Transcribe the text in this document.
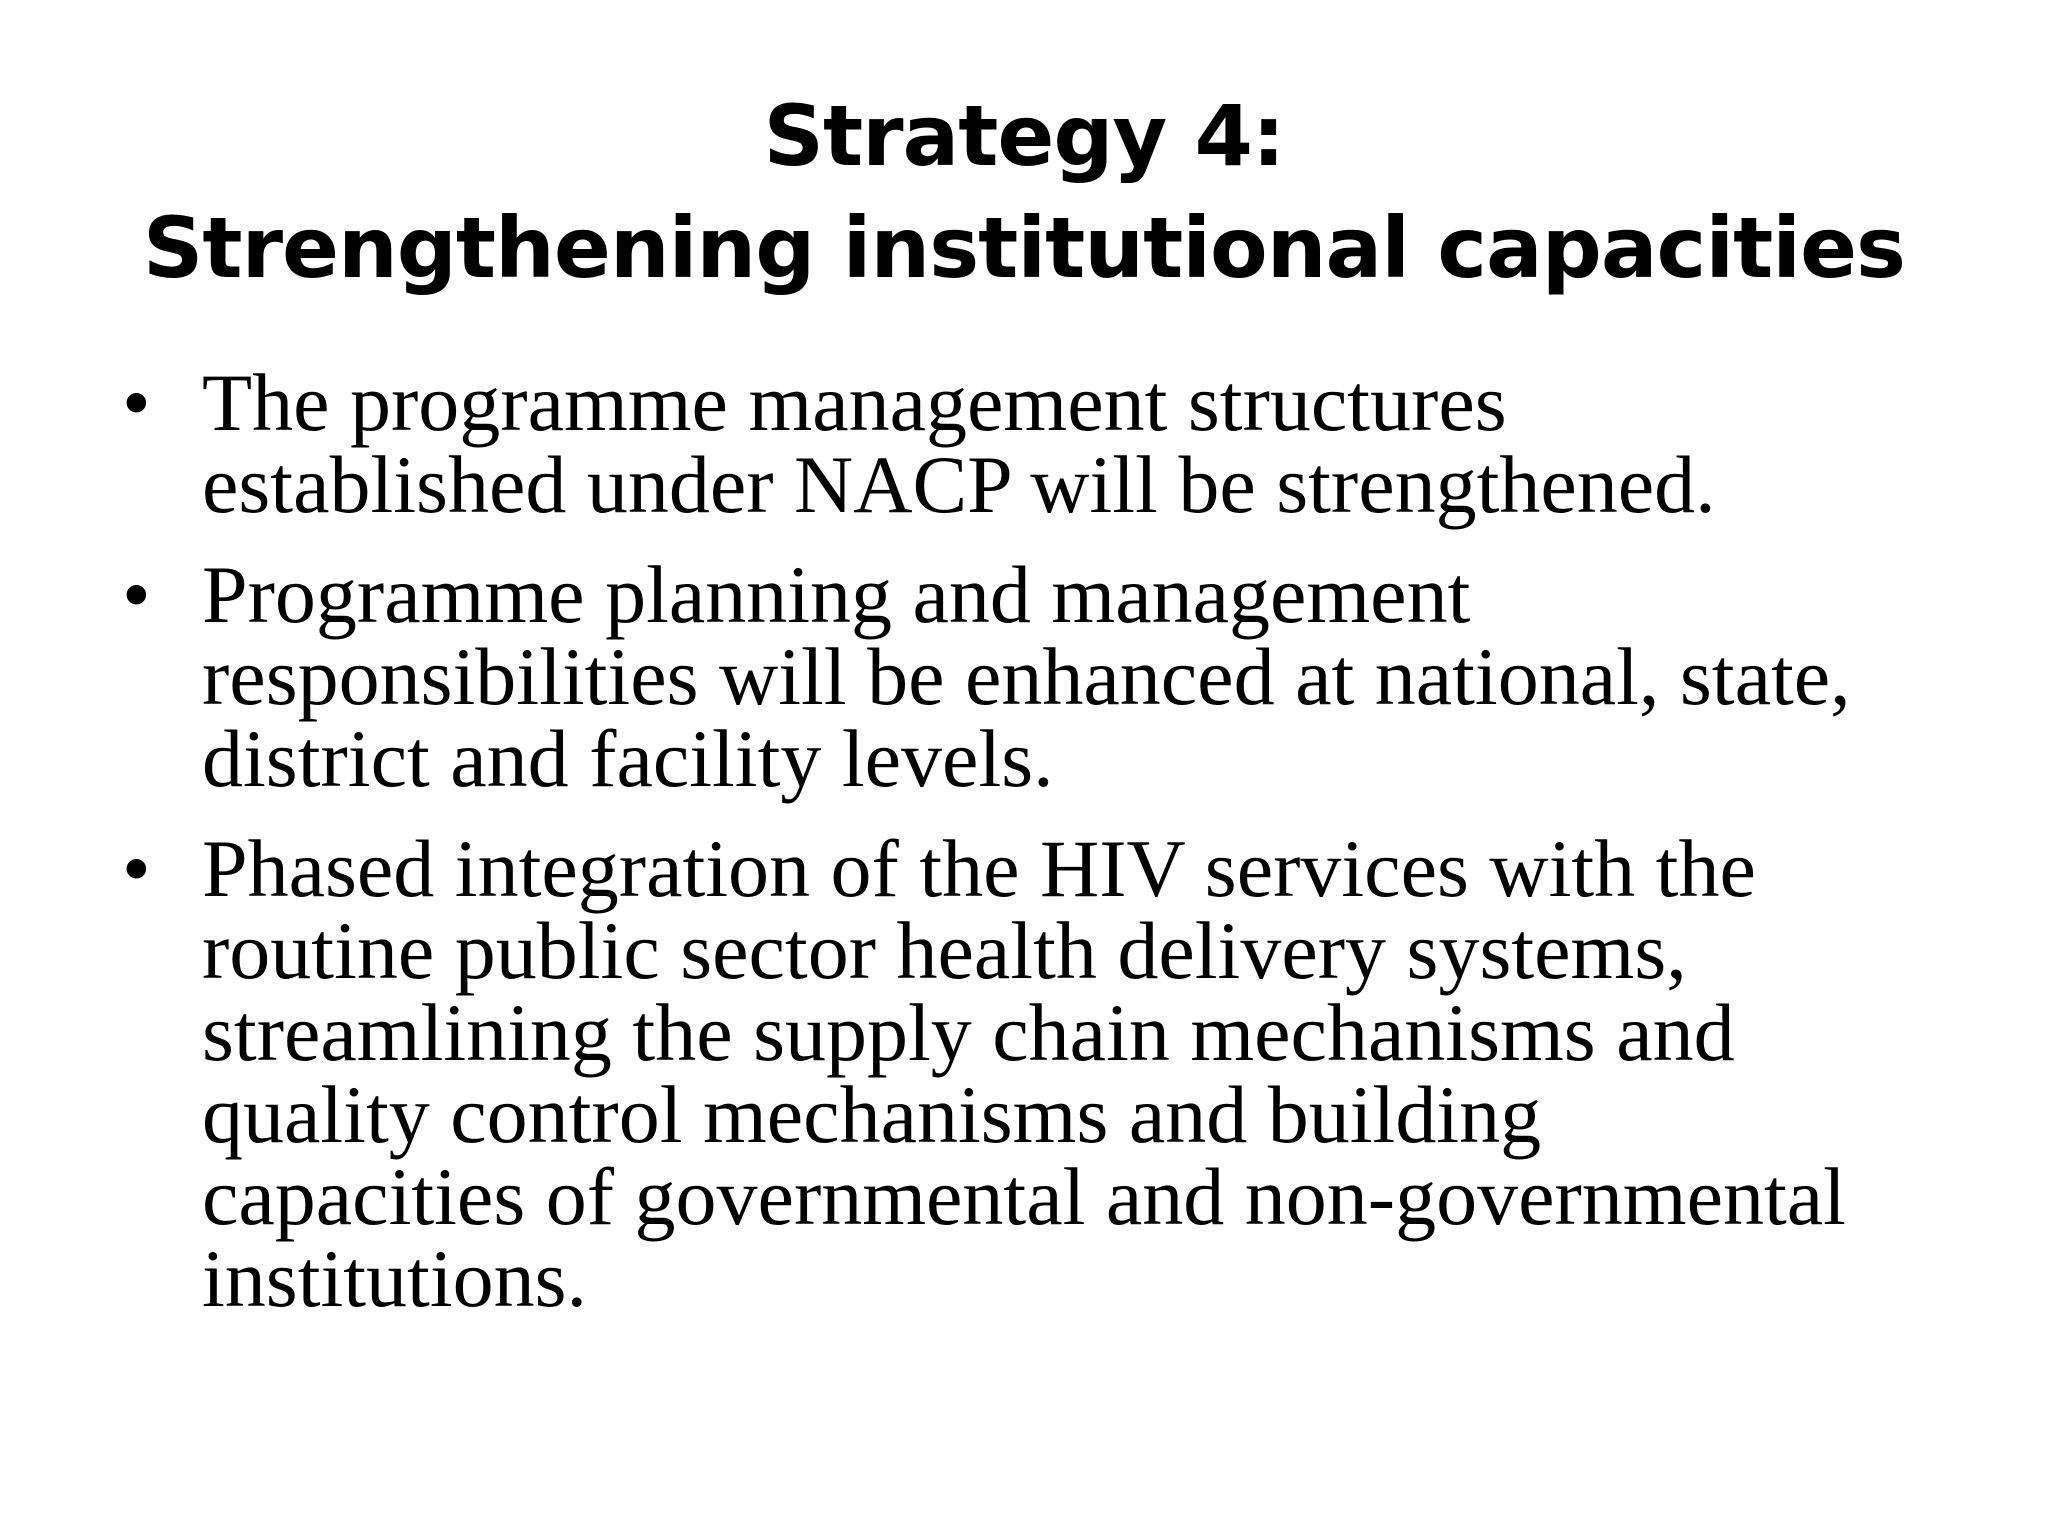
Strategy 4:
Strengthening institutional capacities
• The programme management structures
established under NACP will be strengthened.
• Programme planning and management
responsibilities will be enhanced at national, state,
district and facility levels.
• Phased integration of the HIV services with the
routine public sector health delivery systems,
streamlining the supply chain mechanisms and
quality control mechanisms and building
capacities of governmental and non-governmental
institutions.
